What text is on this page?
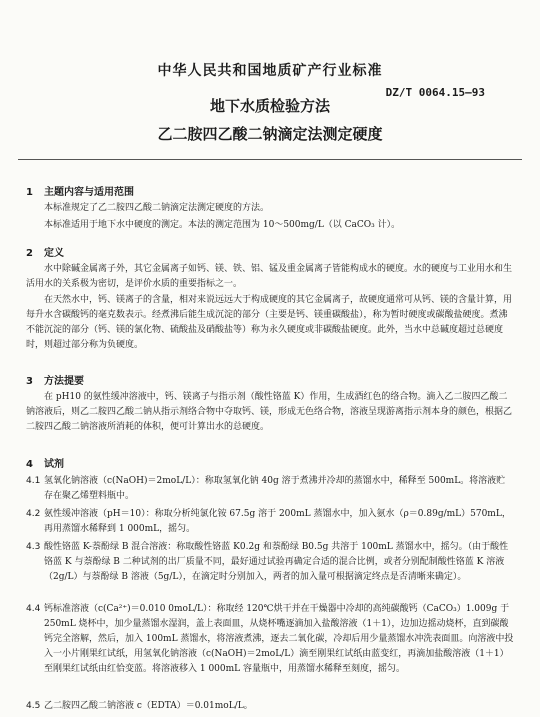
中华人民共和国地质矿产行业标准
地下水质检验方法
DZ/T 0064.15—93
乙二胺四乙酸二钠滴定法测定硬度
1 主题内容与适用范围

本标准规定了乙二胺四乙酸二钠滴定法测定硬度的方法。

本标准适用于地下水中硬度的测定。本法的测定范围为 10～500mg/L（以 CaCO₃ 计）。

2 定义

水中除碱金属离子外，其它金属离子如钙、镁、铁、铝、锰及重金属离子皆能构成水的硬度。水的硬度与工业用水和生活用水的关系极为密切，是评价水质的重要指标之一。

在天然水中，钙、镁离子的含量，相对来说远远大于构成硬度的其它金属离子，故硬度通常可从钙、镁的含量计算，用每升水含碳酸钙的毫克数表示。经煮沸后能生成沉淀的部分（主要是钙、镁重碳酸盐），称为暂时硬度或碳酸盐硬度。煮沸不能沉淀的部分（钙、镁的氯化物、硫酸盐及硝酸盐等）称为永久硬度或非碳酸盐硬度。此外，当水中总碱度超过总硬度时，则超过部分称为负硬度。

3 方法提要

在 pH10 的氨性缓冲溶液中，钙、镁离子与指示剂（酸性铬蓝 K）作用，生成酒红色的络合物。滴入乙二胺四乙酸二钠溶液后，则乙二胺四乙酸二钠从指示剂络合物中夺取钙、镁，形成无色络合物，溶液呈现游离指示剂本身的颜色，根据乙二胺四乙酸二钠溶液所消耗的体积，便可计算出水的总硬度。

4 试剂

4.1 氢氧化钠溶液（c(NaOH)＝2moL/L）：称取氢氧化钠 40g 溶于煮沸并冷却的蒸馏水中，稀释至 500mL。将溶液贮存在聚乙烯塑料瓶中。

4.2 氨性缓冲溶液（pH＝10）：称取分析纯氯化铵 67.5g 溶于 200mL 蒸馏水中，加入氨水（ρ＝0.89g/mL）570mL，再用蒸馏水稀释到 1 000mL，摇匀。

4.3 酸性铬蓝 K-萘酚绿 B 混合溶液：称取酸性铬蓝 K0.2g 和萘酚绿 B0.5g 共溶于 100mL 蒸馏水中，摇匀。（由于酸性铬蓝 K 与萘酚绿 B 二种试剂的出厂质量不同，最好通过试验再确定合适的混合比例，或者分别配制酸性铬蓝 K 溶液（2g/L）与萘酚绿 B 溶液（5g/L），在滴定时分别加入，两者的加入量可根据滴定终点是否清晰来确定）。

4.4 钙标准溶液（c(Ca²⁺)＝0.010 0moL/L）：称取经 120℃烘干并在干燥器中冷却的高纯碳酸钙（CaCO₃）1.009g 于 250mL 烧杯中，加少量蒸馏水湿润，盖上表面皿，从烧杯嘴逐滴加入盐酸溶液（1＋1），边加边摇动烧杯，直到碳酸钙完全溶解，然后，加入 100mL 蒸馏水，将溶液煮沸，逐去二氧化碳，冷却后用少量蒸馏水冲洗表面皿。向溶液中投入一小片刚果红试纸，用氢氧化钠溶液（c(NaOH)＝2moL/L）滴至刚果红试纸由蓝变红，再滴加盐酸溶液（1＋1）至刚果红试纸由红恰变蓝。将溶液移入 1 000mL 容量瓶中，用蒸馏水稀释至刻度，摇匀。

4.5 乙二胺四乙酸二钠溶液 c（EDTA）＝0.01moL/L。
